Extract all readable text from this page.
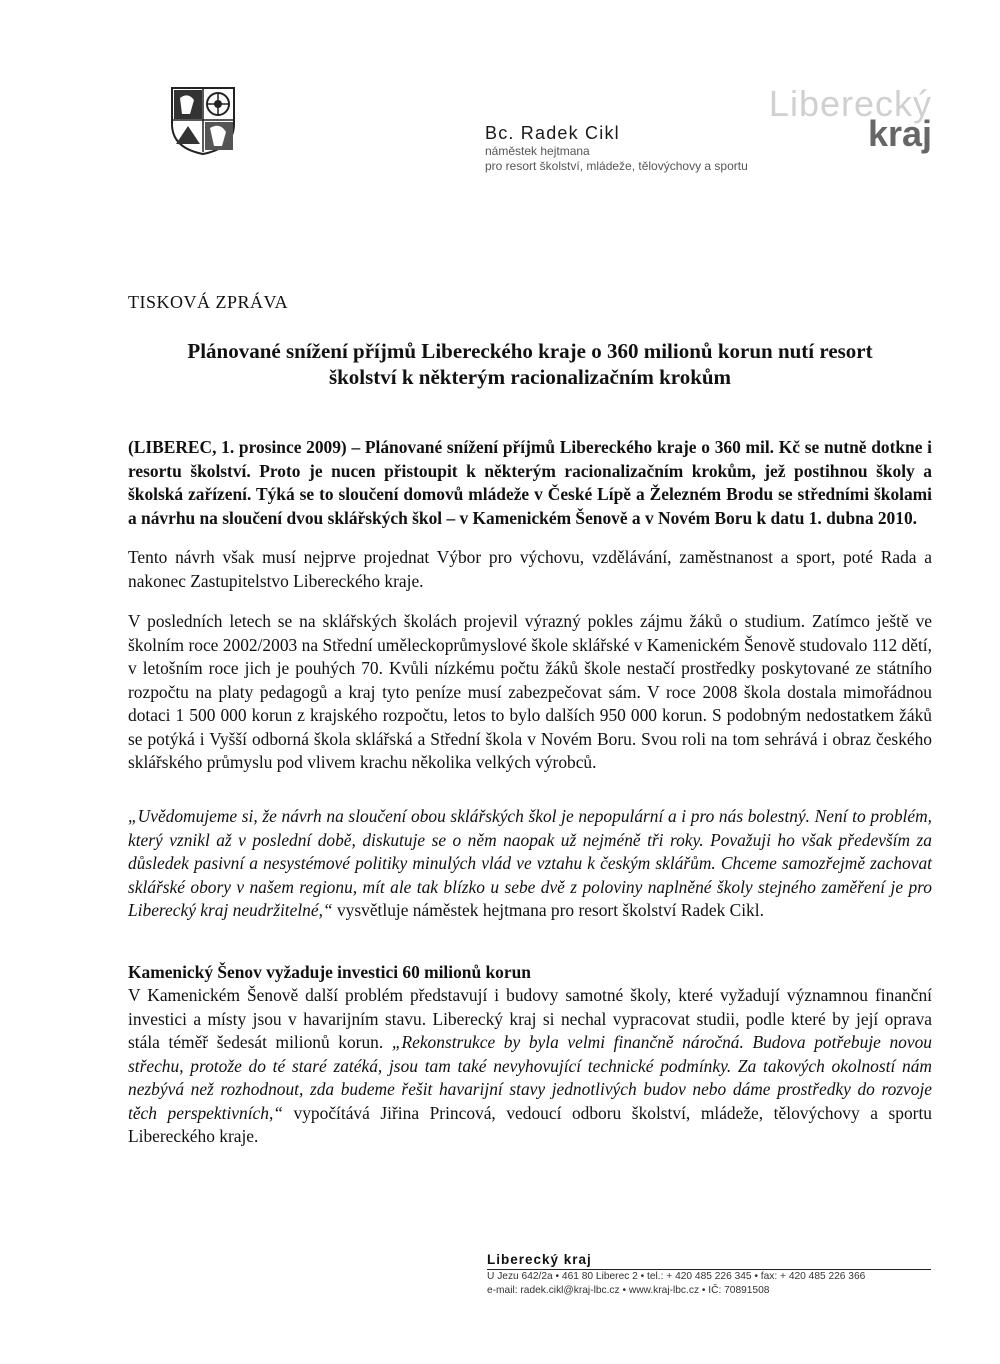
Bc. Radek Cikl
náměstek hejtmana
pro resort školství, mládeže, tělovýchovy a sportu
Liberecký
kraj
TISKOVÁ ZPRÁVA
Plánované snížení příjmů Libereckého kraje o 360 milionů korun nutí resort
školství k některým racionalizačním krokům

(LIBEREC, 1. prosince 2009) – Plánované snížení příjmů Libereckého kraje o 360 mil. Kč se nutně dotkne i resortu školství. Proto je nucen přistoupit k některým racionalizačním krokům, jež postihnou školy a školská zařízení. Týká se to sloučení domovů mládeže v České Lípě a Železném Brodu se středními školami a návrhu na sloučení dvou sklářských škol – v Kamenickém Šenově a v Novém Boru k datu 1. dubna 2010.

Tento návrh však musí nejprve projednat Výbor pro výchovu, vzdělávání, zaměstnanost a sport, poté Rada a nakonec Zastupitelstvo Libereckého kraje.

V posledních letech se na sklářských školách projevil výrazný pokles zájmu žáků o studium. Zatímco ještě ve školním roce 2002/2003 na Střední uměleckoprůmyslové škole sklářské v Kamenickém Šenově studovalo 112 dětí, v letošním roce jich je pouhých 70. Kvůli nízkému počtu žáků škole nestačí prostředky poskytované ze státního rozpočtu na platy pedagogů a kraj tyto peníze musí zabezpečovat sám. V roce 2008 škola dostala mimořádnou dotaci 1 500 000 korun z krajského rozpočtu, letos to bylo dalších 950 000 korun. S podobným nedostatkem žáků se potýká i Vyšší odborná škola sklářská a Střední škola v Novém Boru. Svou roli na tom sehrává i obraz českého sklářského průmyslu pod vlivem krachu několika velkých výrobců.

„Uvědomujeme si, že návrh na sloučení obou sklářských škol je nepopulární a i pro nás bolestný. Není to problém, který vznikl až v poslední době, diskutuje se o něm naopak už nejméně tři roky. Považuji ho však především za důsledek pasivní a nesystémové politiky minulých vlád ve vztahu k českým sklářům. Chceme samozřejmě zachovat sklářské obory v našem regionu, mít ale tak blízko u sebe dvě z poloviny naplněné školy stejného zaměření je pro Liberecký kraj neudržitelné,“ vysvětluje náměstek hejtmana pro resort školství Radek Cikl.

Kamenický Šenov vyžaduje investici 60 milionů korun

V Kamenickém Šenově další problém představují i budovy samotné školy, které vyžadují významnou finanční investici a místy jsou v havarijním stavu. Liberecký kraj si nechal vypracovat studii, podle které by její oprava stála téměř šedesát milionů korun. „Rekonstrukce by byla velmi finančně náročná. Budova potřebuje novou střechu, protože do té staré zatéká, jsou tam také nevyhovující technické podmínky. Za takových okolností nám nezbývá než rozhodnout, zda budeme řešit havarijní stavy jednotlivých budov nebo dáme prostředky do rozvoje těch perspektivních,“ vypočítává Jiřina Princová, vedoucí odboru školství, mládeže, tělovýchovy a sportu Libereckého kraje.

Liberecký kraj
U Jezu 642/2a • 461 80 Liberec 2 • tel.: + 420 485 226 345 • fax: + 420 485 226 366
e-mail: radek.cikl@kraj-lbc.cz • www.kraj-lbc.cz • IČ: 70891508
